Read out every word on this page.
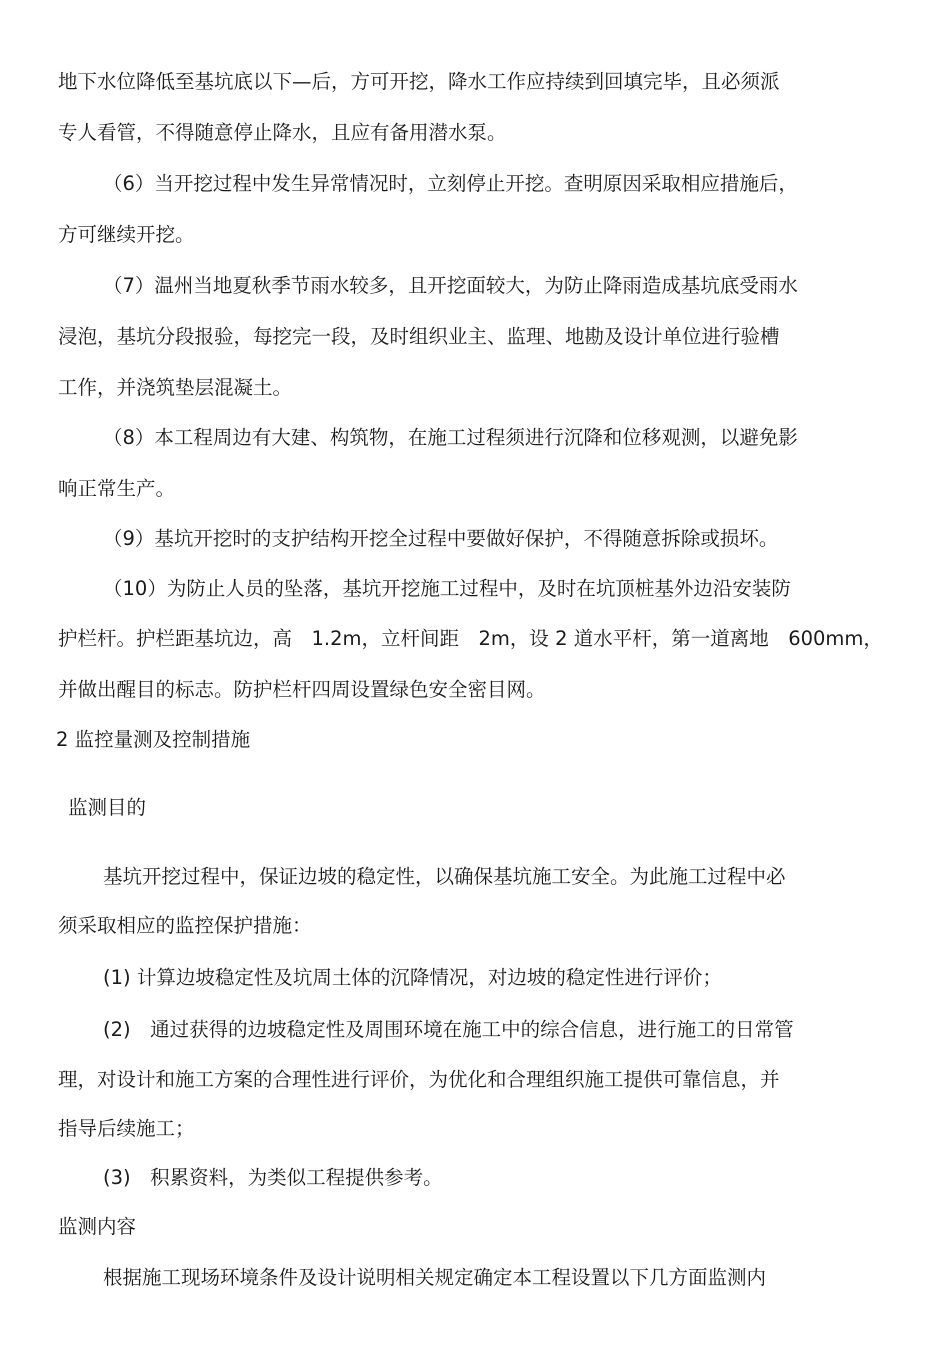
地下水位降低至基坑底以下—后，方可开挖，降水工作应持续到回填完毕，且必须派
专人看管，不得随意停止降水，且应有备用潜水泵。
（6）当开挖过程中发生异常情况时，立刻停止开挖。查明原因采取相应措施后，
方可继续开挖。
（7）温州当地夏秋季节雨水较多，且开挖面较大，为防止降雨造成基坑底受雨水
浸泡，基坑分段报验，每挖完一段，及时组织业主、监理、地勘及设计单位进行验槽
工作，并浇筑垫层混凝土。
（8）本工程周边有大建、构筑物，在施工过程须进行沉降和位移观测，以避免影
响正常生产。
（9）基坑开挖时的支护结构开挖全过程中要做好保护，不得随意拆除或损坏。
（10）为防止人员的坠落，基坑开挖施工过程中，及时在坑顶桩基外边沿安装防
护栏杆。护栏距基坑边，高　1.2m，立杆间距　2m，设 2 道水平杆，第一道离地　600mm，
并做出醒目的标志。防护栏杆四周设置绿色安全密目网。
2 监控量测及控制措施
监测目的
基坑开挖过程中，保证边坡的稳定性，以确保基坑施工安全。为此施工过程中必
须采取相应的监控保护措施：
(1) 计算边坡稳定性及坑周土体的沉降情况，对边坡的稳定性进行评价；
(2)　通过获得的边坡稳定性及周围环境在施工中的综合信息，进行施工的日常管
理，对设计和施工方案的合理性进行评价，为优化和合理组织施工提供可靠信息，并
指导后续施工；
(3)　积累资料，为类似工程提供参考。
监测内容
根据施工现场环境条件及设计说明相关规定确定本工程设置以下几方面监测内
